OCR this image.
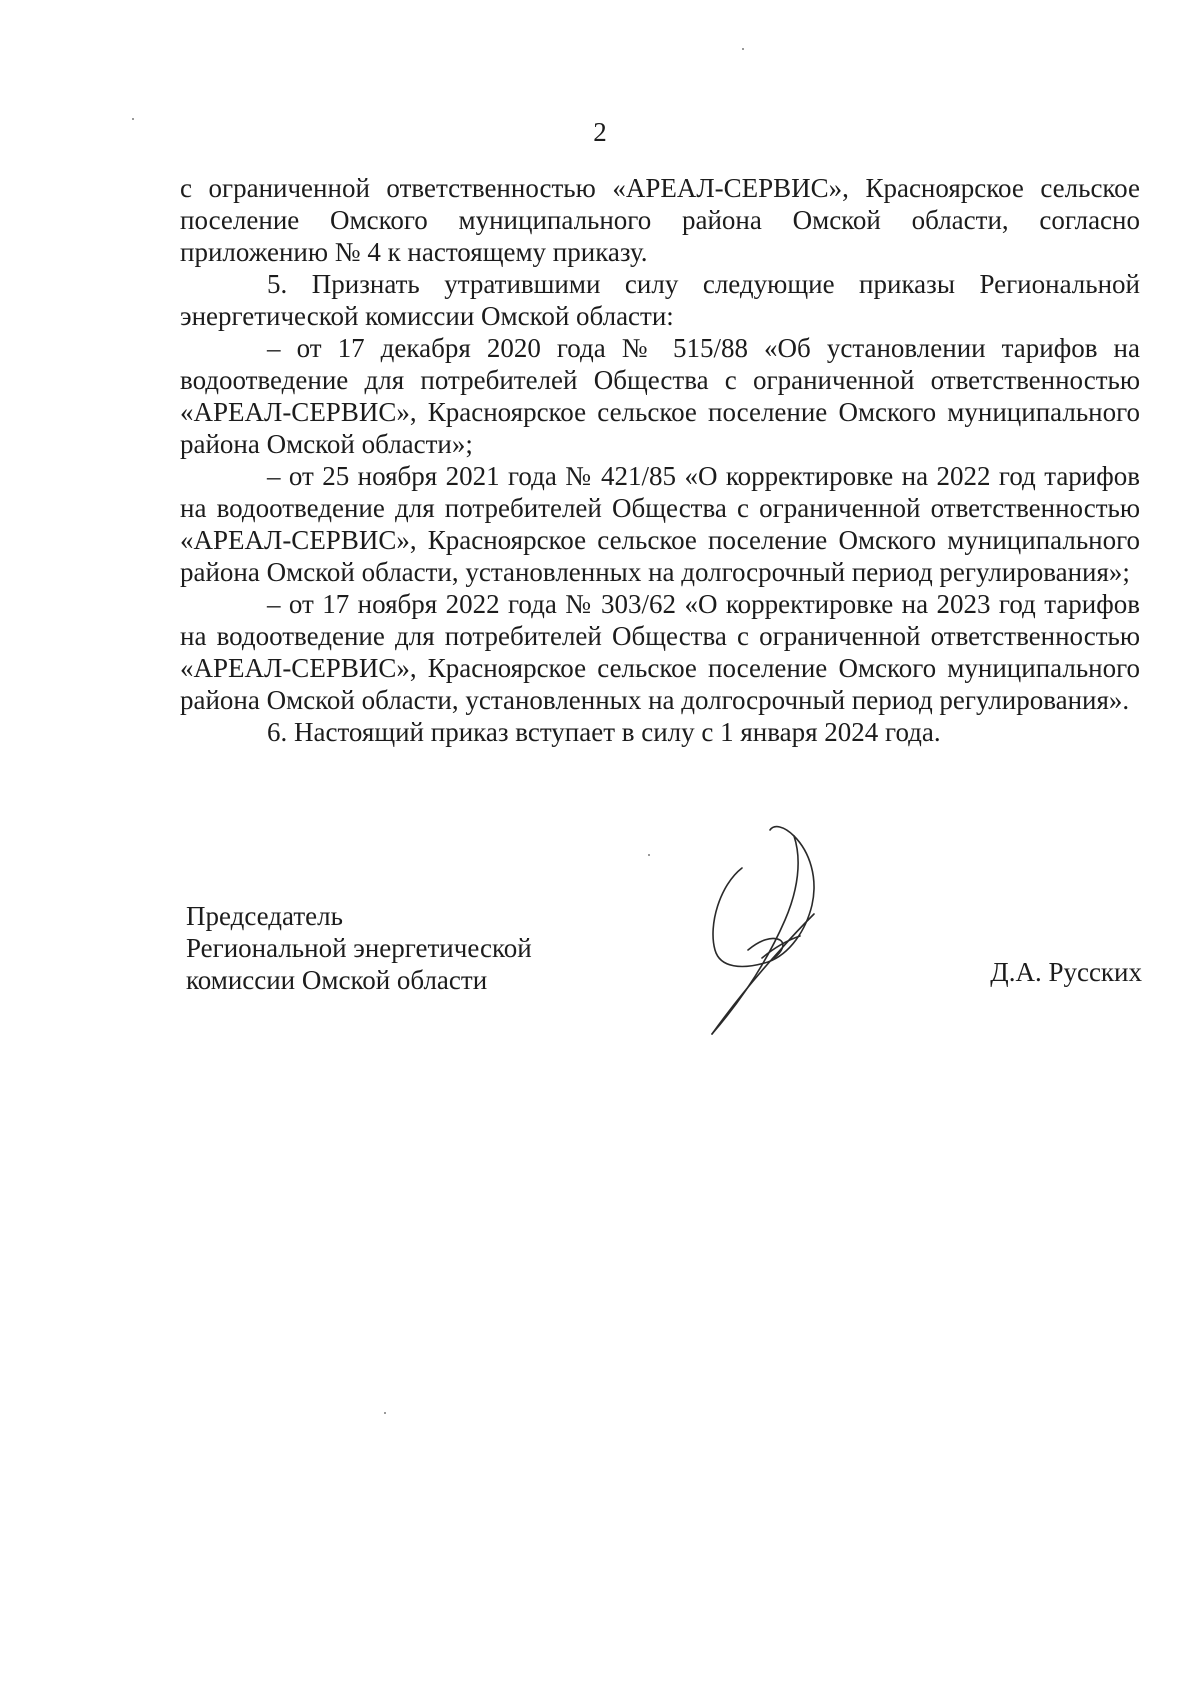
2

с ограниченной ответственностью «АРЕАЛ-СЕРВИС», Красноярское сельское поселение Омского муниципального района Омской области, согласно приложению № 4 к настоящему приказу.

5. Признать утратившими силу следующие приказы Региональной энергетической комиссии Омской области:

– от 17 декабря 2020 года № 515/88 «Об установлении тарифов на водоотведение для потребителей Общества с ограниченной ответственностью «АРЕАЛ-СЕРВИС», Красноярское сельское поселение Омского муниципального района Омской области»;

– от 25 ноября 2021 года № 421/85 «О корректировке на 2022 год тарифов на водоотведение для потребителей Общества с ограниченной ответственностью «АРЕАЛ-СЕРВИС», Красноярское сельское поселение Омского муниципального района Омской области, установленных на долгосрочный период регулирования»;

– от 17 ноября 2022 года № 303/62 «О корректировке на 2023 год тарифов на водоотведение для потребителей Общества с ограниченной ответственностью «АРЕАЛ-СЕРВИС», Красноярское сельское поселение Омского муниципального района Омской области, установленных на долгосрочный период регулирования».

6. Настоящий приказ вступает в силу с 1 января 2024 года.

Председатель
Региональной энергетической
комиссии Омской области	Д.А. Русских
